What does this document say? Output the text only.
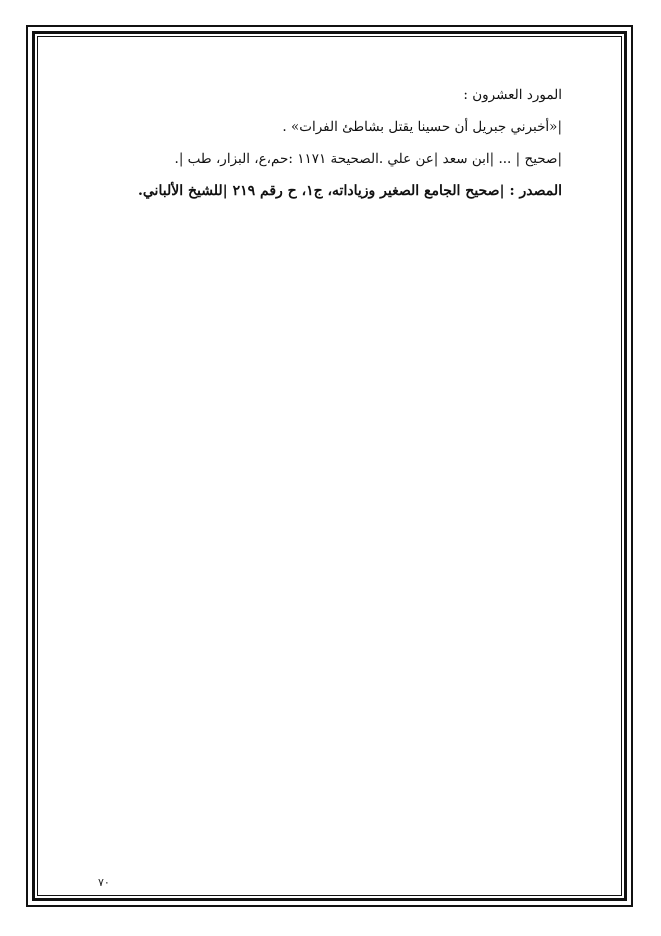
المورد العشرون :

|«أخبرني جبريل أن حسينا يقتل بشاطئ الفرات» .

|صحيح | ... |ابن سعد |عن علي .الصحيحة ١١٧١ :حم،ع، البزار، طب |.

المصدر : |صحيح الجامع الصغير وزياداته، ج١، ح رقم ٢١٩ |للشيخ الألباني.

٧٠
